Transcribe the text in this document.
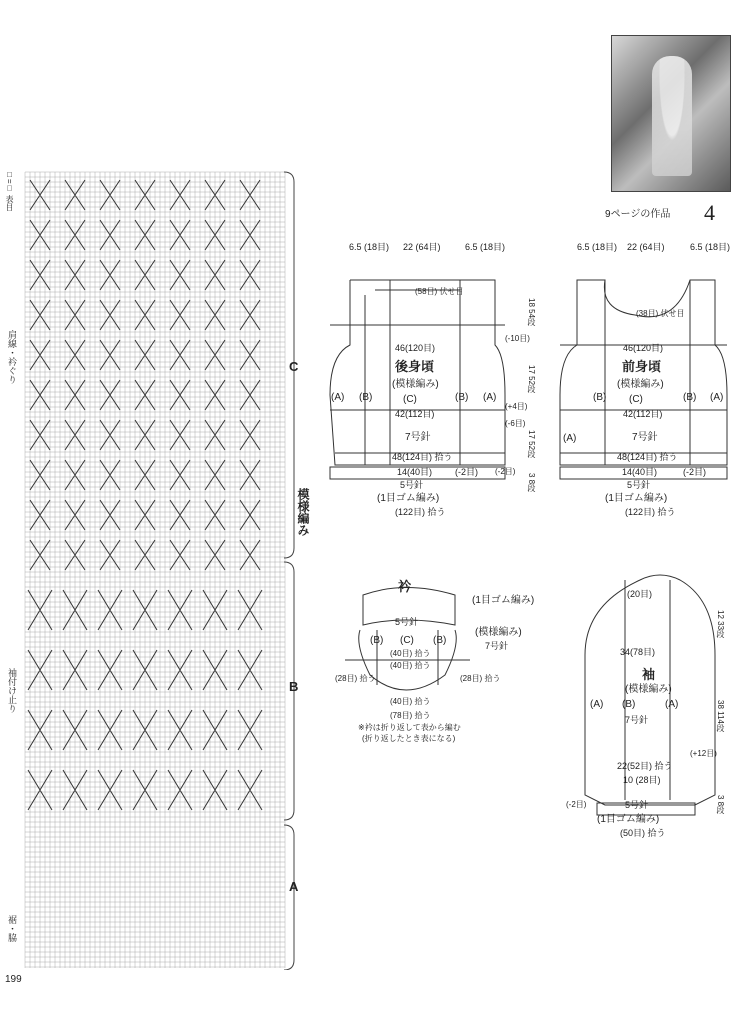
□=□ 表目
肩線・衿ぐり
袖付け止り
裾・脇
C
B
A
模様編み
199
9ページの作品 4
後身頃
(模様編み)
(C)
(A) (B)	(B) (A)
7号針
6.5 (18目) 22 (64目)	6.5 (18目)
(58目) 伏せ目
46(120目)
42(112目)
48(124目) 拾う
14(40目)
5号針
(1目ゴム編み)
(122目) 拾う
(-2目)
前身頃
(模様編み)
(C)
(A)
(B)	(B) (A)
7号針
6.5 (18目) 22 (64目)	6.5 (18目)
(38目) 伏せ目
46(120目)
42(112目)
48(124目) 拾う
14(40目)
5号針
(1目ゴム編み)
(122目) 拾う
(-2目)
18 54段
17 52段
17 52段
3 8段
(-10目)
(+4目)
(-6目)
(-2目)
衿
(1目ゴム編み)
5号針
(模様編み)
7号針
(C)
(B)	(B)
(40目) 拾う
(40目) 拾う
(40目) 拾う
(78目) 拾う
(28目) 拾う	(28目) 拾う
※衿は折り返して表から編む
(折り返したとき表になる)
袖
(模様編み)
(A) (B)	(A)
7号針
(20目)
34(78目)
22(52目) 拾う
10 (28目)
5号針
(1目ゴム編み)
(50目) 拾う
(-2目)
(+12目)
12 33段
38 114段
3 8段
